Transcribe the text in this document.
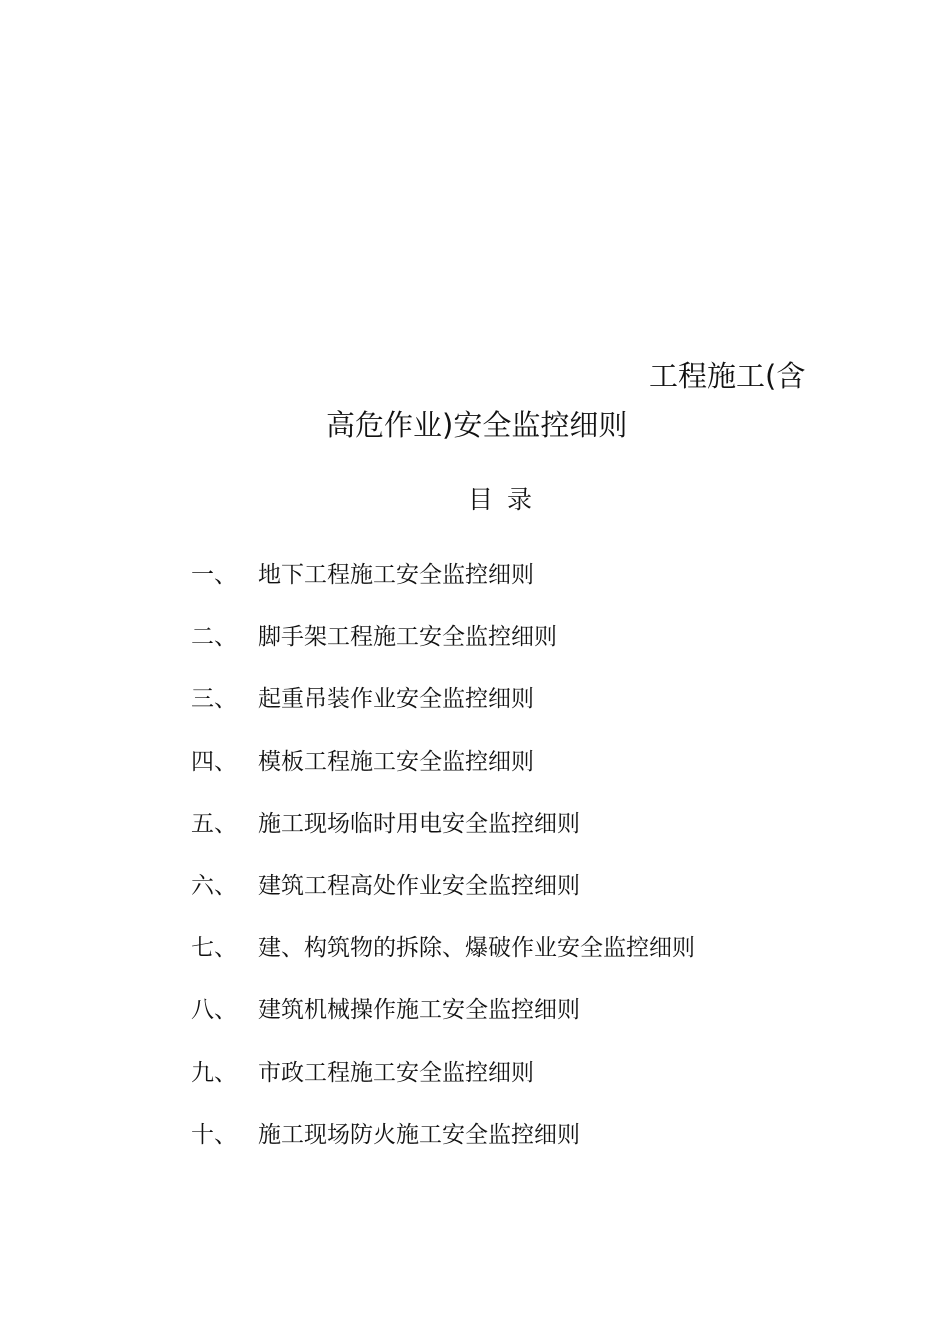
工程施工(含
高危作业)安全监控细则
目录
一、 地下工程施工安全监控细则
二、 脚手架工程施工安全监控细则
三、 起重吊装作业安全监控细则
四、 模板工程施工安全监控细则
五、 施工现场临时用电安全监控细则
六、 建筑工程高处作业安全监控细则
七、 建、构筑物的拆除、爆破作业安全监控细则
八、 建筑机械操作施工安全监控细则
九、 市政工程施工安全监控细则
十、 施工现场防火施工安全监控细则
